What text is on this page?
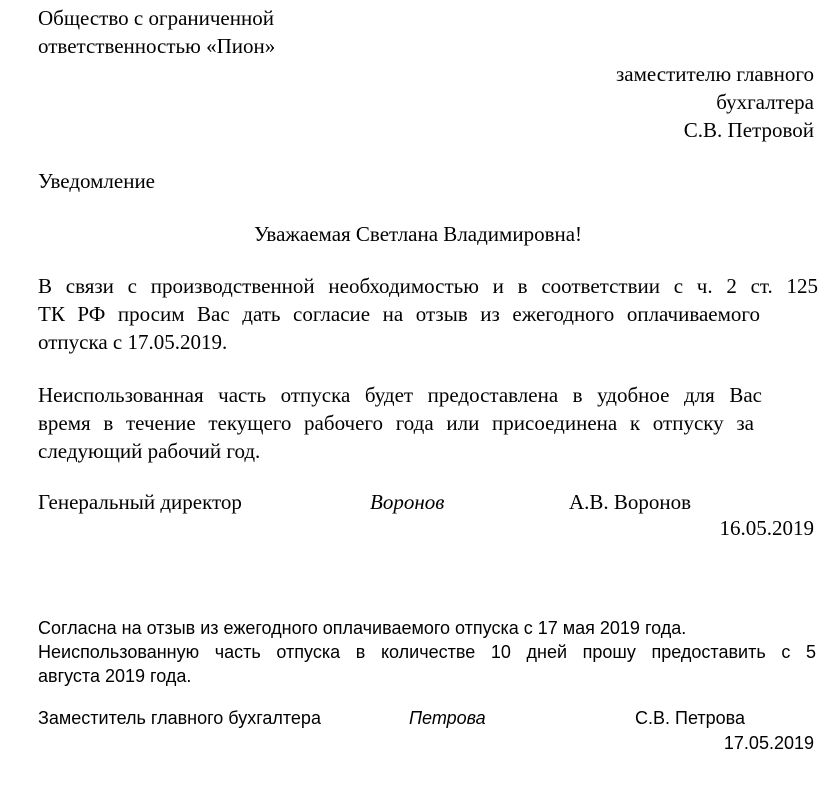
Общество с ограниченной
ответственностью «Пион»
заместителю главного
бухгалтера
С.В. Петровой
Уведомление
Уважаемая Светлана Владимировна!
В связи с производственной необходимостью и в соответствии с ч. 2 ст. 125
ТК РФ просим Вас дать согласие на отзыв из ежегодного оплачиваемого
отпуска с 17.05.2019.
Неиспользованная часть отпуска будет предоставлена в удобное для Вас
время в течение текущего рабочего года или присоединена к отпуску за
следующий рабочий год.
Генеральный директор	Воронов	А.В. Воронов
16.05.2019
Согласна на отзыв из ежегодного оплачиваемого отпуска с 17 мая 2019 года.
Неиспользованную часть отпуска в количестве 10 дней прошу предоставить с 5
августа 2019 года.
Заместитель главного бухгалтера	Петрова	С.В. Петрова
17.05.2019
